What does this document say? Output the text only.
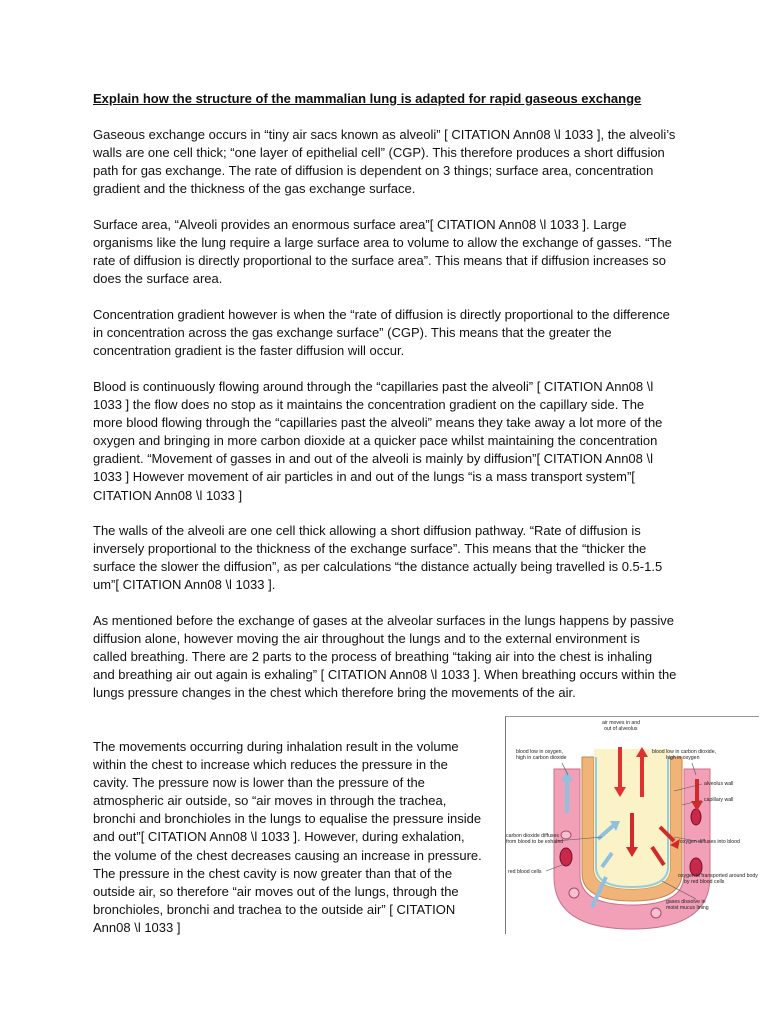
Explain how the structure of the mammalian lung is adapted for rapid gaseous exchange

Gaseous exchange occurs in “tiny air sacs known as alveoli” [ CITATION Ann08 \l 1033 ], the alveoli’s walls are one cell thick; “one layer of epithelial cell” (CGP). This therefore produces a short diffusion path for gas exchange. The rate of diffusion is dependent on 3 things; surface area, concentration gradient and the thickness of the gas exchange surface.

Surface area, “Alveoli provides an enormous surface area”[ CITATION Ann08 \l 1033 ]. Large organisms like the lung require a large surface area to volume to allow the exchange of gasses. “The rate of diffusion is directly proportional to the surface area”. This means that if diffusion increases so does the surface area.

Concentration gradient however is when the “rate of diffusion is directly proportional to the difference in concentration across the gas exchange surface” (CGP). This means that the greater the concentration gradient is the faster diffusion will occur.

Blood is continuously flowing around through the “capillaries past the alveoli” [ CITATION Ann08 \l 1033 ] the flow does no stop as it maintains the concentration gradient on the capillary side. The more blood flowing through the “capillaries past the alveoli” means they take away a lot more of the oxygen and bringing in more carbon dioxide at a quicker pace whilst maintaining the concentration gradient. “Movement of gasses in and out of the alveoli is mainly by diffusion”[ CITATION Ann08 \l 1033 ] However movement of air particles in and out of the lungs “is a mass transport system”[ CITATION Ann08 \l 1033 ]

The walls of the alveoli are one cell thick allowing a short diffusion pathway. “Rate of diffusion is inversely proportional to the thickness of the exchange surface”. This means that the “thicker the surface the slower the diffusion”, as per calculations “the distance actually being travelled is 0.5-1.5 um”[ CITATION Ann08 \l 1033 ].

As mentioned before the exchange of gases at the alveolar surfaces in the lungs happens by passive diffusion alone, however moving the air throughout the lungs and to the external environment is called breathing. There are 2 parts to the process of breathing “taking air into the chest is inhaling and breathing air out again is exhaling” [ CITATION Ann08 \l 1033 ]. When breathing occurs within the lungs pressure changes in the chest which therefore bring the movements of the air.

The movements occurring during inhalation result in the volume within the chest to increase which reduces the pressure in the cavity. The pressure now is lower than the pressure of the atmospheric air outside, so “air moves in through the trachea, bronchi and bronchioles in the lungs to equalise the pressure inside and out”[ CITATION Ann08 \l 1033 ]. However, during exhalation, the volume of the chest decreases causing an increase in pressure. The pressure in the chest cavity is now greater than that of the outside air, so therefore “air moves out of the lungs, through the bronchioles, bronchi and trachea to the outside air” [ CITATION Ann08 \l 1033 ]

air moves in and
out of alveolus
blood low in oxygen,
high in carbon dioxide
blood low in carbon dioxide,
high in oxygen
alveolus wall
capillary wall
carbon dioxide diffuses
from blood to be exhaled	oxygen diffuses into blood
red blood cells
oxygen is transported around body
by red blood cells
gases dissolve in
moist mucus lining
